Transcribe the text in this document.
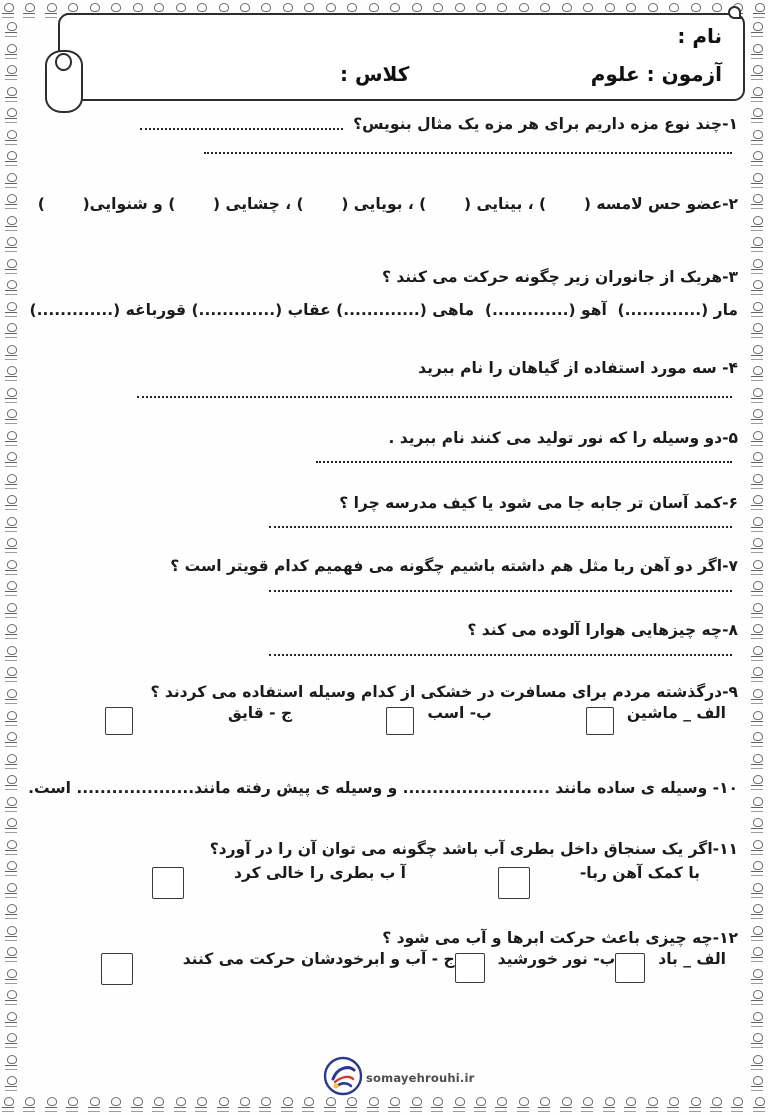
نام :
آزمون : علوم
کلاس :
۱-چند نوع مزه داریم برای هر مزه یک مثال بنویس؟
۲-عضو حس لامسه (       ) ، بینایی (       ) ، بویایی (       ) ، چشایی (       ) و شنوایی(       )
۳-هریک از جانوران زیر چگونه حرکت می کنند ؟
مار (.............)  آهو (.............)  ماهی (.............) عقاب (.............) قورباغه (.............)
۴- سه مورد استفاده از گیاهان را نام ببرید
۵-دو وسیله را که نور تولید می کنند نام ببرید .
۶-کمد آسان تر جابه جا می شود یا کیف مدرسه چرا ؟
۷-اگر دو آهن ربا مثل هم داشته باشیم چگونه می فهمیم کدام قویتر است ؟
۸-چه چیزهایی هوارا آلوده می کند ؟
۹-درگذشته مردم برای مسافرت در خشکی از کدام وسیله استفاده می کردند ؟
الف _ ماشین
ب- اسب
ج - قایق
۱۰- وسیله ی ساده مانند ......................... و وسیله ی پیش رفته مانند.................... است.
۱۱-اگر یک سنجاق داخل بطری آب باشد چگونه می توان آن را در آورد؟
با کمک آهن ربا-
آ ب بطری را خالی کرد
۱۲-چه چیزی باعث حرکت ابرها و آب می شود ؟
الف _ باد
ب- نور خورشید
ج - آب و ابرخودشان حرکت می کنند
somayehrouhi.ir
